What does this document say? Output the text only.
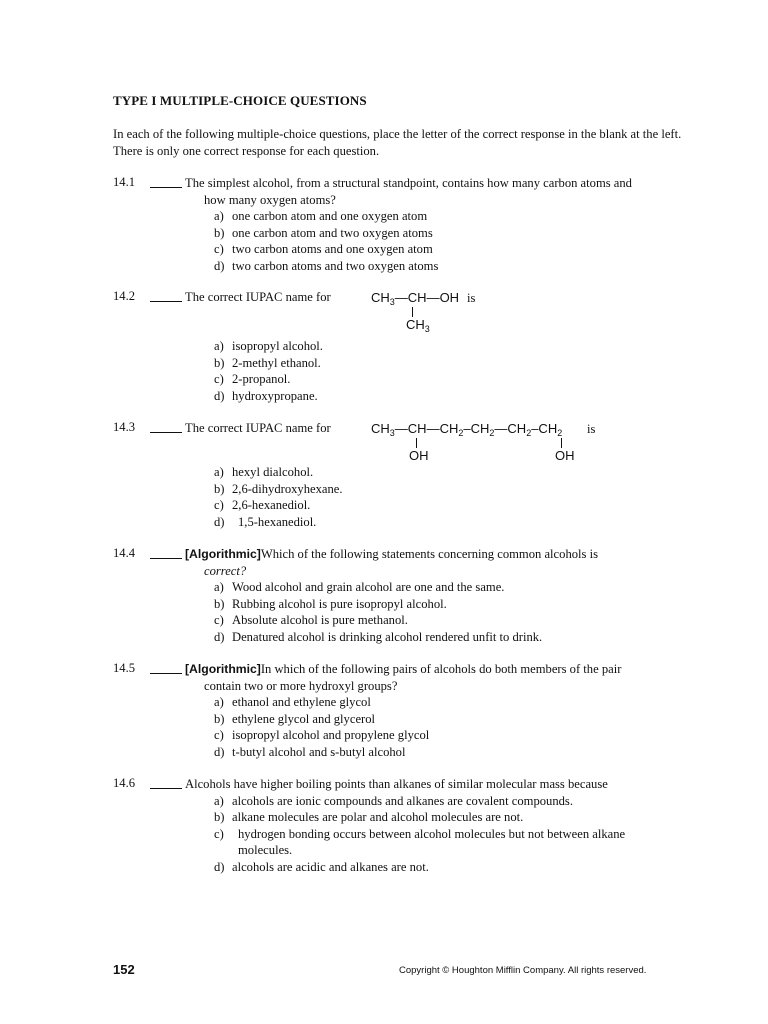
TYPE I MULTIPLE-CHOICE QUESTIONS
In each of the following multiple-choice questions, place the letter of the correct response in the blank at the left. There is only one correct response for each question.
14.1	The simplest alcohol, from a structural standpoint, contains how many carbon atoms and
how many oxygen atoms?
a) one carbon atom and one oxygen atom
b) one carbon atom and two oxygen atoms
c) two carbon atoms and one oxygen atom
d) two carbon atoms and two oxygen atoms
14.2	The correct IUPAC name for	$CH_3—CH—OH$ is
$CH_3$
a) isopropyl alcohol.
b) 2-methyl ethanol.
c) 2-propanol.
d) hydroxypropane.
14.3	The correct IUPAC name for	$CH_3—CH—CH_2-CH_2—CH_2-CH_2$ is
OH	OH
a) hexyl dialcohol.
b) 2,6-dihydroxyhexane.
c) 2,6-hexanediol.
d) 1,5-hexanediol.
14.4	[Algorithmic]Which of the following statements concerning common alcohols is
correct?
a) Wood alcohol and grain alcohol are one and the same.
b) Rubbing alcohol is pure isopropyl alcohol.
c) Absolute alcohol is pure methanol.
d) Denatured alcohol is drinking alcohol rendered unfit to drink.
14.5	[Algorithmic]In which of the following pairs of alcohols do both members of the pair
contain two or more hydroxyl groups?
a) ethanol and ethylene glycol
b) ethylene glycol and glycerol
c) isopropyl alcohol and propylene glycol
d) t-butyl alcohol and s-butyl alcohol
14.6	Alcohols have higher boiling points than alkanes of similar molecular mass because
a) alcohols are ionic compounds and alkanes are covalent compounds.
b) alkane molecules are polar and alcohol molecules are not.
c) hydrogen bonding occurs between alcohol molecules but not between alkane
molecules.
d) alcohols are acidic and alkanes are not.
152	Copyright © Houghton Mifflin Company. All rights reserved.
